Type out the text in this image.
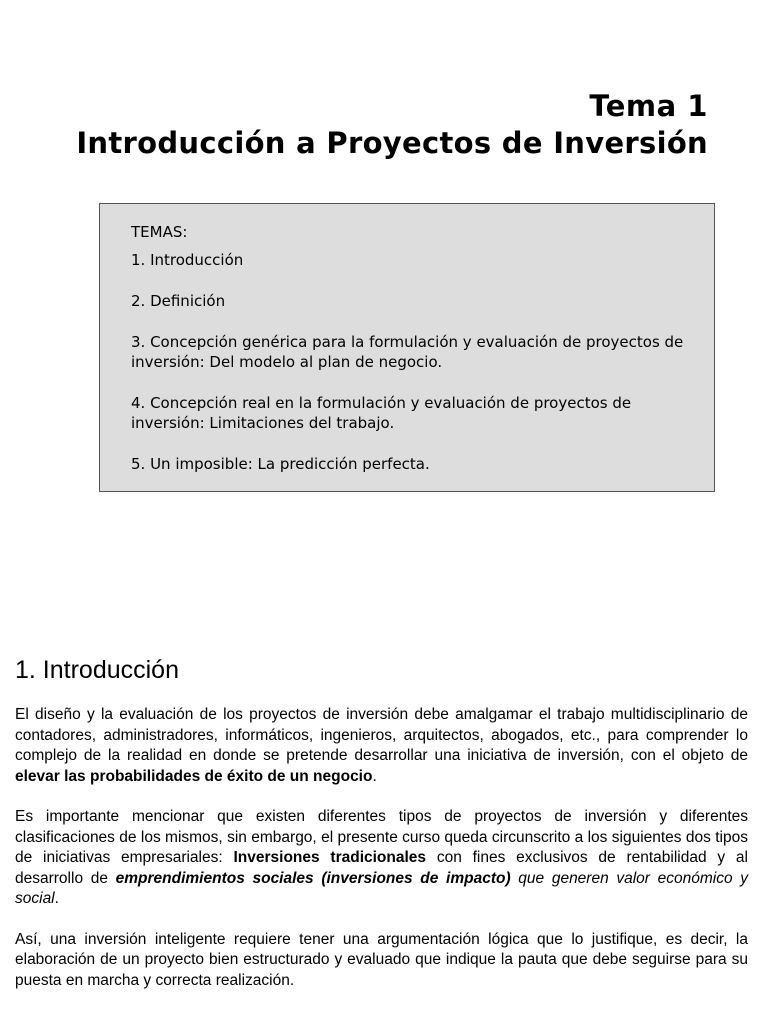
Tema 1
Introducción a Proyectos de Inversión
TEMAS:
1. Introducción
2. Definición
3. Concepción genérica para la formulación y evaluación de proyectos de inversión: Del modelo al plan de negocio.
4. Concepción real en la formulación y evaluación de proyectos de inversión: Limitaciones del trabajo.
5. Un imposible: La predicción perfecta.
1. Introducción

El diseño y la evaluación de los proyectos de inversión debe amalgamar el trabajo multidisciplinario de contadores, administradores, informáticos, ingenieros, arquitectos, abogados, etc., para comprender lo complejo de la realidad en donde se pretende desarrollar una iniciativa de inversión, con el objeto de elevar las probabilidades de éxito de un negocio.

Es importante mencionar que existen diferentes tipos de proyectos de inversión y diferentes clasificaciones de los mismos, sin embargo, el presente curso queda circunscrito a los siguientes dos tipos de iniciativas empresariales: Inversiones tradicionales con fines exclusivos de rentabilidad y al desarrollo de emprendimientos sociales (inversiones de impacto) que generen valor económico y social.

Así, una inversión inteligente requiere tener una argumentación lógica que lo justifique, es decir, la elaboración de un proyecto bien estructurado y evaluado que indique la pauta que debe seguirse para su puesta en marcha y correcta realización.
